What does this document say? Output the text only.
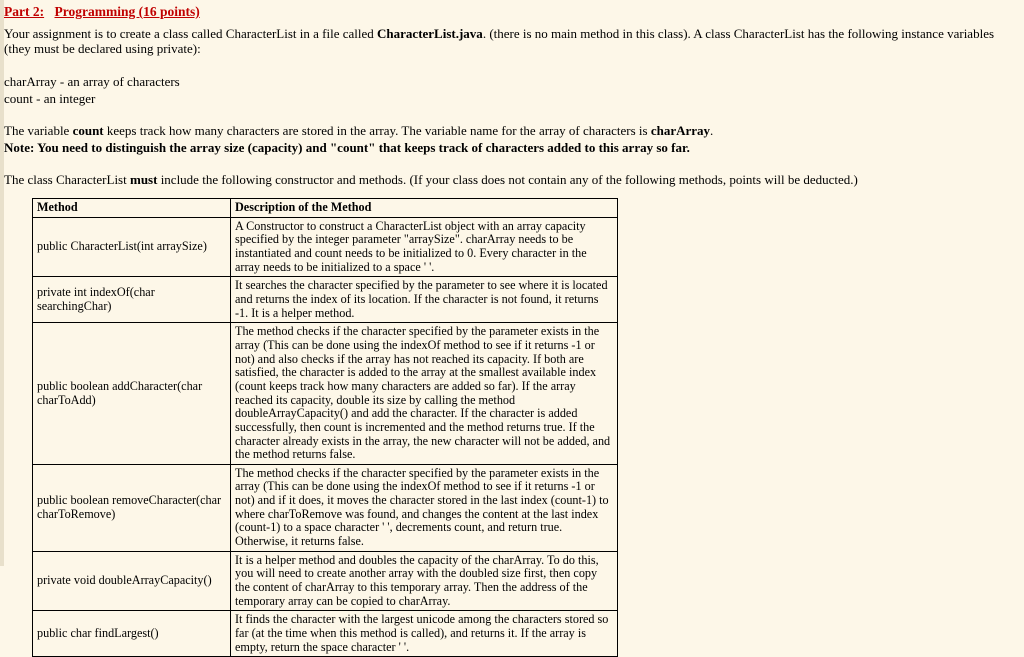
Part 2: Programming (16 points)

Your assignment is to create a class called CharacterList in a file called CharacterList.java. (there is no main method in this class). A class CharacterList has the following instance variables (they must be declared using private):

charArray - an array of characters

count - an integer

The variable count keeps track how many characters are stored in the array. The variable name for the array of characters is charArray.

Note: You need to distinguish the array size (capacity) and "count" that keeps track of characters added to this array so far.

The class CharacterList must include the following constructor and methods. (If your class does not contain any of the following methods, points will be deducted.)

Method	Description of the Method
public CharacterList(int arraySize)	A Constructor to construct a CharacterList object with an array capacity specified by the integer parameter "arraySize". charArray needs to be instantiated and count needs to be initialized to 0. Every character in the array needs to be initialized to a space ' '.
private int indexOf(char searchingChar)	It searches the character specified by the parameter to see where it is located and returns the index of its location. If the character is not found, it returns -1. It is a helper method.
public boolean addCharacter(char charToAdd)	The method checks if the character specified by the parameter exists in the array (This can be done using the indexOf method to see if it returns -1 or not) and also checks if the array has not reached its capacity. If both are satisfied, the character is added to the array at the smallest available index (count keeps track how many characters are added so far). If the array reached its capacity, double its size by calling the method doubleArrayCapacity() and add the character. If the character is added successfully, then count is incremented and the method returns true. If the character already exists in the array, the new character will not be added, and the method returns false.
public boolean removeCharacter(char charToRemove)	The method checks if the character specified by the parameter exists in the array (This can be done using the indexOf method to see if it returns -1 or not) and if it does, it moves the character stored in the last index (count-1) to where charToRemove was found, and changes the content at the last index (count-1) to a space character ' ', decrements count, and return true. Otherwise, it returns false.
private void doubleArrayCapacity()	It is a helper method and doubles the capacity of the charArray. To do this, you will need to create another array with the doubled size first, then copy the content of charArray to this temporary array. Then the address of the temporary array can be copied to charArray.
public char findLargest()	It finds the character with the largest unicode among the characters stored so far (at the time when this method is called), and returns it. If the array is empty, return the space character ' '.
